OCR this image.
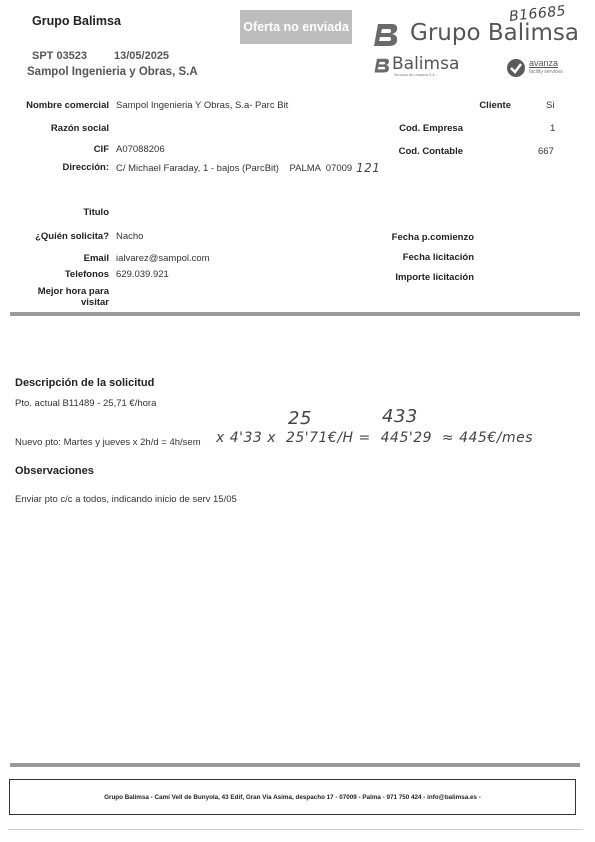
Grupo Balimsa
SPT 03523 13/05/2025
Sampol Ingenieria y Obras, S.A
Oferta no enviada
B16685
Grupo Balimsa
Balimsa
Servicios de Limpieza S.A.
avanza
facility services
Nombre comercial Sampol Ingenieria Y Obras, S.a- Parc Bit
Razón social
CIF A07088206
Dirección: C/ Michael Faraday, 1 - bajos (ParcBit)    PALMA  07009 121
Cliente	Si
Cod. Empresa	1
Cod. Contable	667
Titulo
¿Quién solicita? Nacho
Email ialvarez@sampol.com
Telefonos 629.039.921
Mejor hora para visitar
Fecha p.comienzo
Fecha licitación
Importe licitación
Descripción de la solicitud
Pto. actual B11489 - 25,71 €/hora
25	433
Nuevo pto: Martes y jueves x 2h/d = 4h/sem x 4'33 x  25'71€/H =  445'29  ≈ 445€/mes
Observaciones
Enviar pto c/c a todos, indicando inicio de serv 15/05
Grupo Balimsa - Camí Vell de Bunyola, 43 Edif, Gran Via Asima, despacho 17 - 07009 - Palma - 971 750 424 - info@balimsa.es -
